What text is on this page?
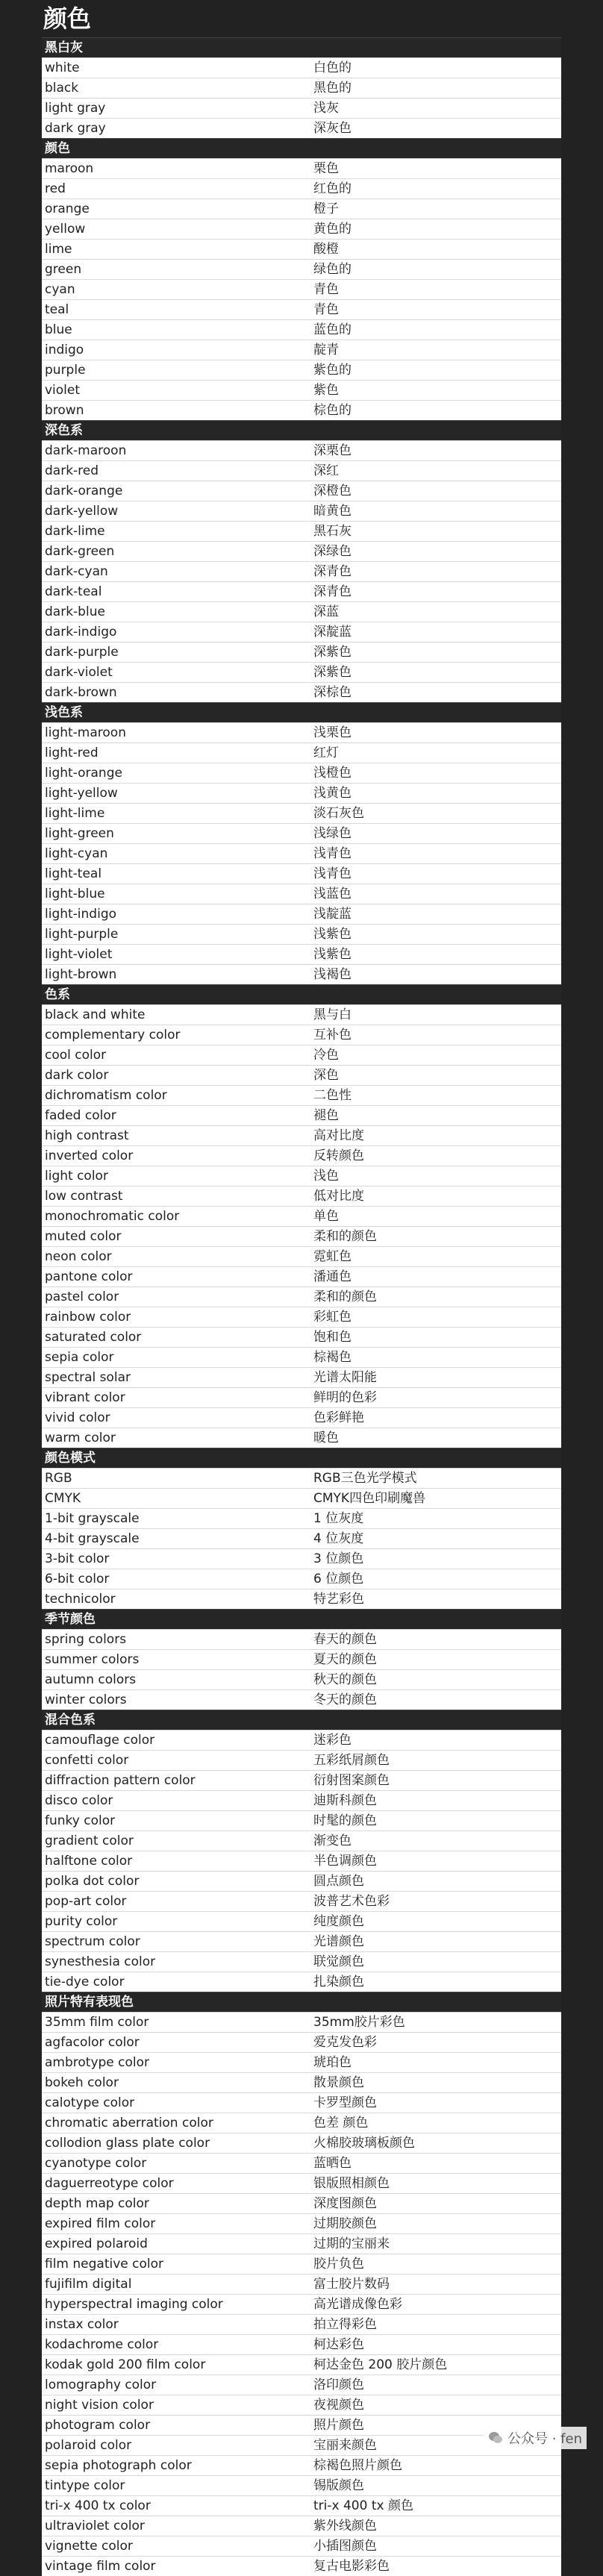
颜色
黑白灰
white	白色的
black	黑色的
light gray	浅灰
dark gray	深灰色
颜色
maroon	栗色
red	红色的
orange	橙子
yellow	黄色的
lime	酸橙
green	绿色的
cyan	青色
teal	青色
blue	蓝色的
indigo	靛青
purple	紫色的
violet	紫色
brown	棕色的
深色系
dark-maroon	深栗色
dark-red	深红
dark-orange	深橙色
dark-yellow	暗黄色
dark-lime	黑石灰
dark-green	深绿色
dark-cyan	深青色
dark-teal	深青色
dark-blue	深蓝
dark-indigo	深靛蓝
dark-purple	深紫色
dark-violet	深紫色
dark-brown	深棕色
浅色系
light-maroon	浅栗色
light-red	红灯
light-orange	浅橙色
light-yellow	浅黄色
light-lime	淡石灰色
light-green	浅绿色
light-cyan	浅青色
light-teal	浅青色
light-blue	浅蓝色
light-indigo	浅靛蓝
light-purple	浅紫色
light-violet	浅紫色
light-brown	浅褐色
色系
black and white	黑与白
complementary color	互补色
cool color	冷色
dark color	深色
dichromatism color	二色性
faded color	褪色
high contrast	高对比度
inverted color	反转颜色
light color	浅色
low contrast	低对比度
monochromatic color	单色
muted color	柔和的颜色
neon color	霓虹色
pantone color	潘通色
pastel color	柔和的颜色
rainbow color	彩虹色
saturated color	饱和色
sepia color	棕褐色
spectral solar	光谱太阳能
vibrant color	鲜明的色彩
vivid color	色彩鲜艳
warm color	暖色
颜色模式
RGB	RGB三色光学模式
CMYK	CMYK四色印刷魔兽
1-bit grayscale	1 位灰度
4-bit grayscale	4 位灰度
3-bit color	3 位颜色
6-bit color	6 位颜色
technicolor	特艺彩色
季节颜色
spring colors	春天的颜色
summer colors	夏天的颜色
autumn colors	秋天的颜色
winter colors	冬天的颜色
混合色系
camouflage color	迷彩色
confetti color	五彩纸屑颜色
diffraction pattern color	衍射图案颜色
disco color	迪斯科颜色
funky color	时髦的颜色
gradient color	渐变色
halftone color	半色调颜色
polka dot color	圆点颜色
pop-art color	波普艺术色彩
purity color	纯度颜色
spectrum color	光谱颜色
synesthesia color	联觉颜色
tie-dye color	扎染颜色
照片特有表现色
35mm film color	35mm胶片彩色
agfacolor color	爱克发色彩
ambrotype color	琥珀色
bokeh color	散景颜色
calotype color	卡罗型颜色
chromatic aberration color	色差 颜色
collodion glass plate color	火棉胶玻璃板颜色
cyanotype color	蓝晒色
daguerreotype color	银版照相颜色
depth map color	深度图颜色
expired film color	过期胶颜色
expired polaroid	过期的宝丽来
film negative color	胶片负色
fujifilm digital	富士胶片数码
hyperspectral imaging color	高光谱成像色彩
instax color	拍立得彩色
kodachrome color	柯达彩色
kodak gold 200 film color	柯达金色 200 胶片颜色
lomography color	洛印颜色
night vision color	夜视颜色
photogram color	照片颜色
polaroid color	宝丽来颜色
sepia photograph color	棕褐色照片颜色
tintype color	锡版颜色
tri-x 400 tx color	tri-x 400 tx 颜色
ultraviolet color	紫外线颜色
vignette color	小插图颜色
vintage film color	复古电影彩色
公众号 · fen
